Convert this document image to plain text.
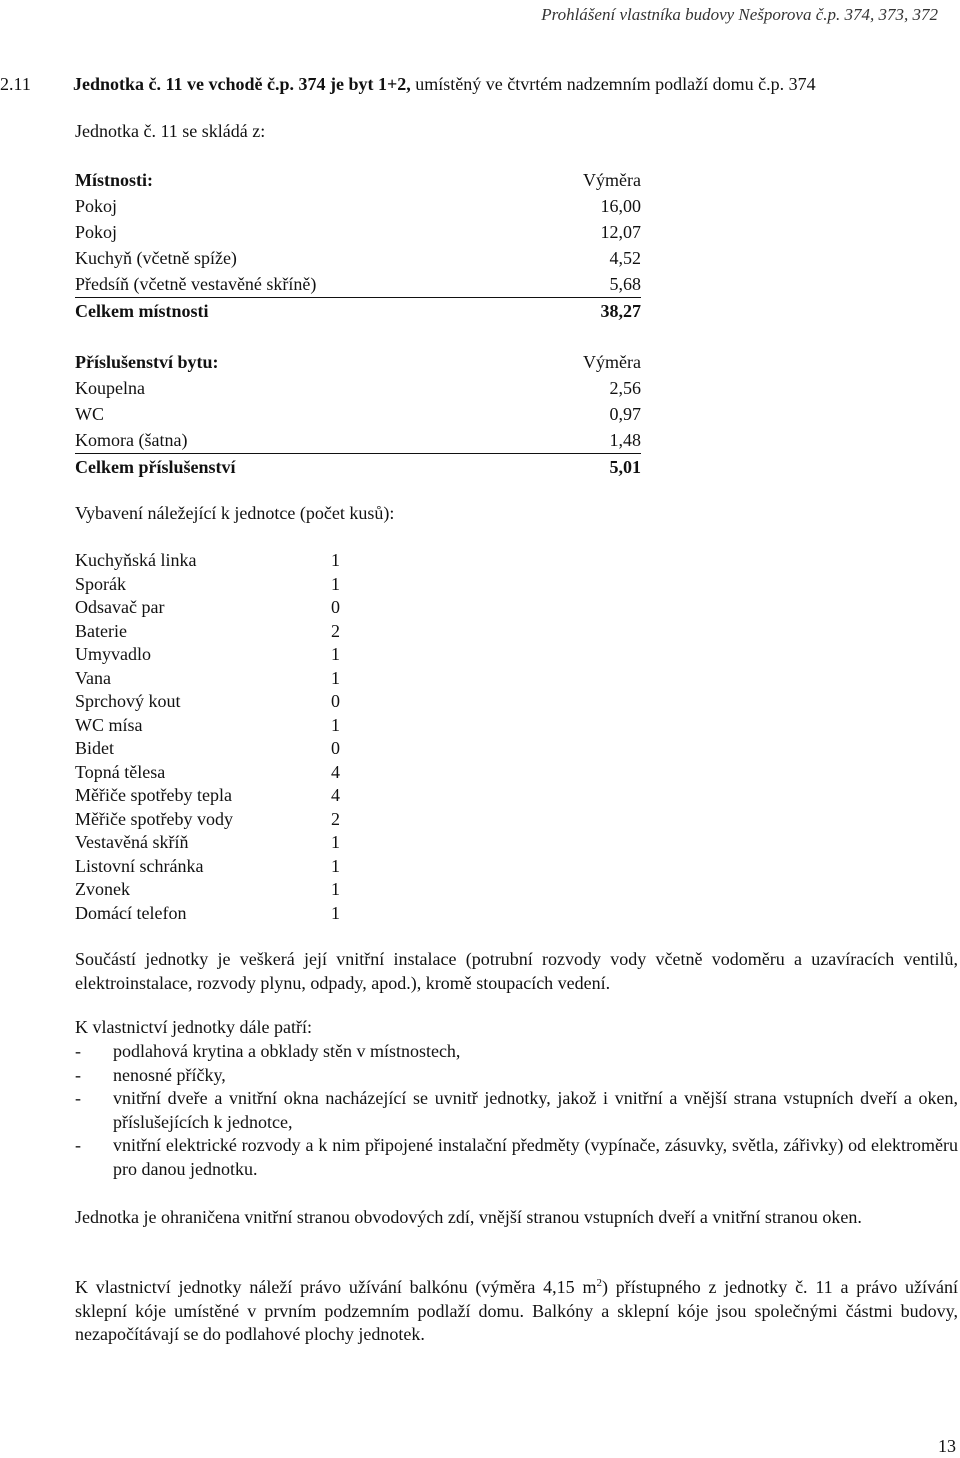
Prohlášení vlastníka budovy Nešporova č.p. 374, 373, 372
2.11 Jednotka č. 11 ve vchodě č.p. 374 je byt 1+2, umístěný ve čtvrtém nadzemním podlaží domu č.p. 374
Jednotka č. 11 se skládá z:
Místnosti:	Výměra
Pokoj	16,00
Pokoj	12,07
Kuchyň (včetně spíže)	4,52
Předsíň (včetně vestavěné skříně)	5,68
Celkem místnosti	38,27
Příslušenství bytu:	Výměra
Koupelna	2,56
WC	0,97
Komora (šatna)	1,48
Celkem příslušenství	5,01
Vybavení náležející k jednotce (počet kusů):
Kuchyňská linka	1
Sporák	1
Odsavač par	0
Baterie	2
Umyvadlo	1
Vana	1
Sprchový kout	0
WC mísa	1
Bidet	0
Topná tělesa	4
Měřiče spotřeby tepla	4
Měřiče spotřeby vody	2
Vestavěná skříň	1
Listovní schránka	1
Zvonek	1
Domácí telefon	1
Součástí jednotky je veškerá její vnitřní instalace (potrubní rozvody vody včetně vodoměru a uzavíracích ventilů, elektroinstalace, rozvody plynu, odpady, apod.), kromě stoupacích vedení.
K vlastnictví jednotky dále patří:
- podlahová krytina a obklady stěn v místnostech,
- nenosné příčky,
- vnitřní dveře a vnitřní okna nacházející se uvnitř jednotky, jakož i vnitřní a vnější strana vstupních dveří a oken, příslušejících k jednotce,
- vnitřní elektrické rozvody a k nim připojené instalační předměty (vypínače, zásuvky, světla, zářivky) od elektroměru pro danou jednotku.
Jednotka je ohraničena vnitřní stranou obvodových zdí, vnější stranou vstupních dveří a vnitřní stranou oken.
K vlastnictví jednotky náleží právo užívání balkónu (výměra 4,15 $m^2$) přístupného z jednotky č. 11 a právo užívání sklepní kóje umístěné v prvním podzemním podlaží domu. Balkóny a sklepní kóje jsou společnými částmi budovy, nezapočítávají se do podlahové plochy jednotek.
13
